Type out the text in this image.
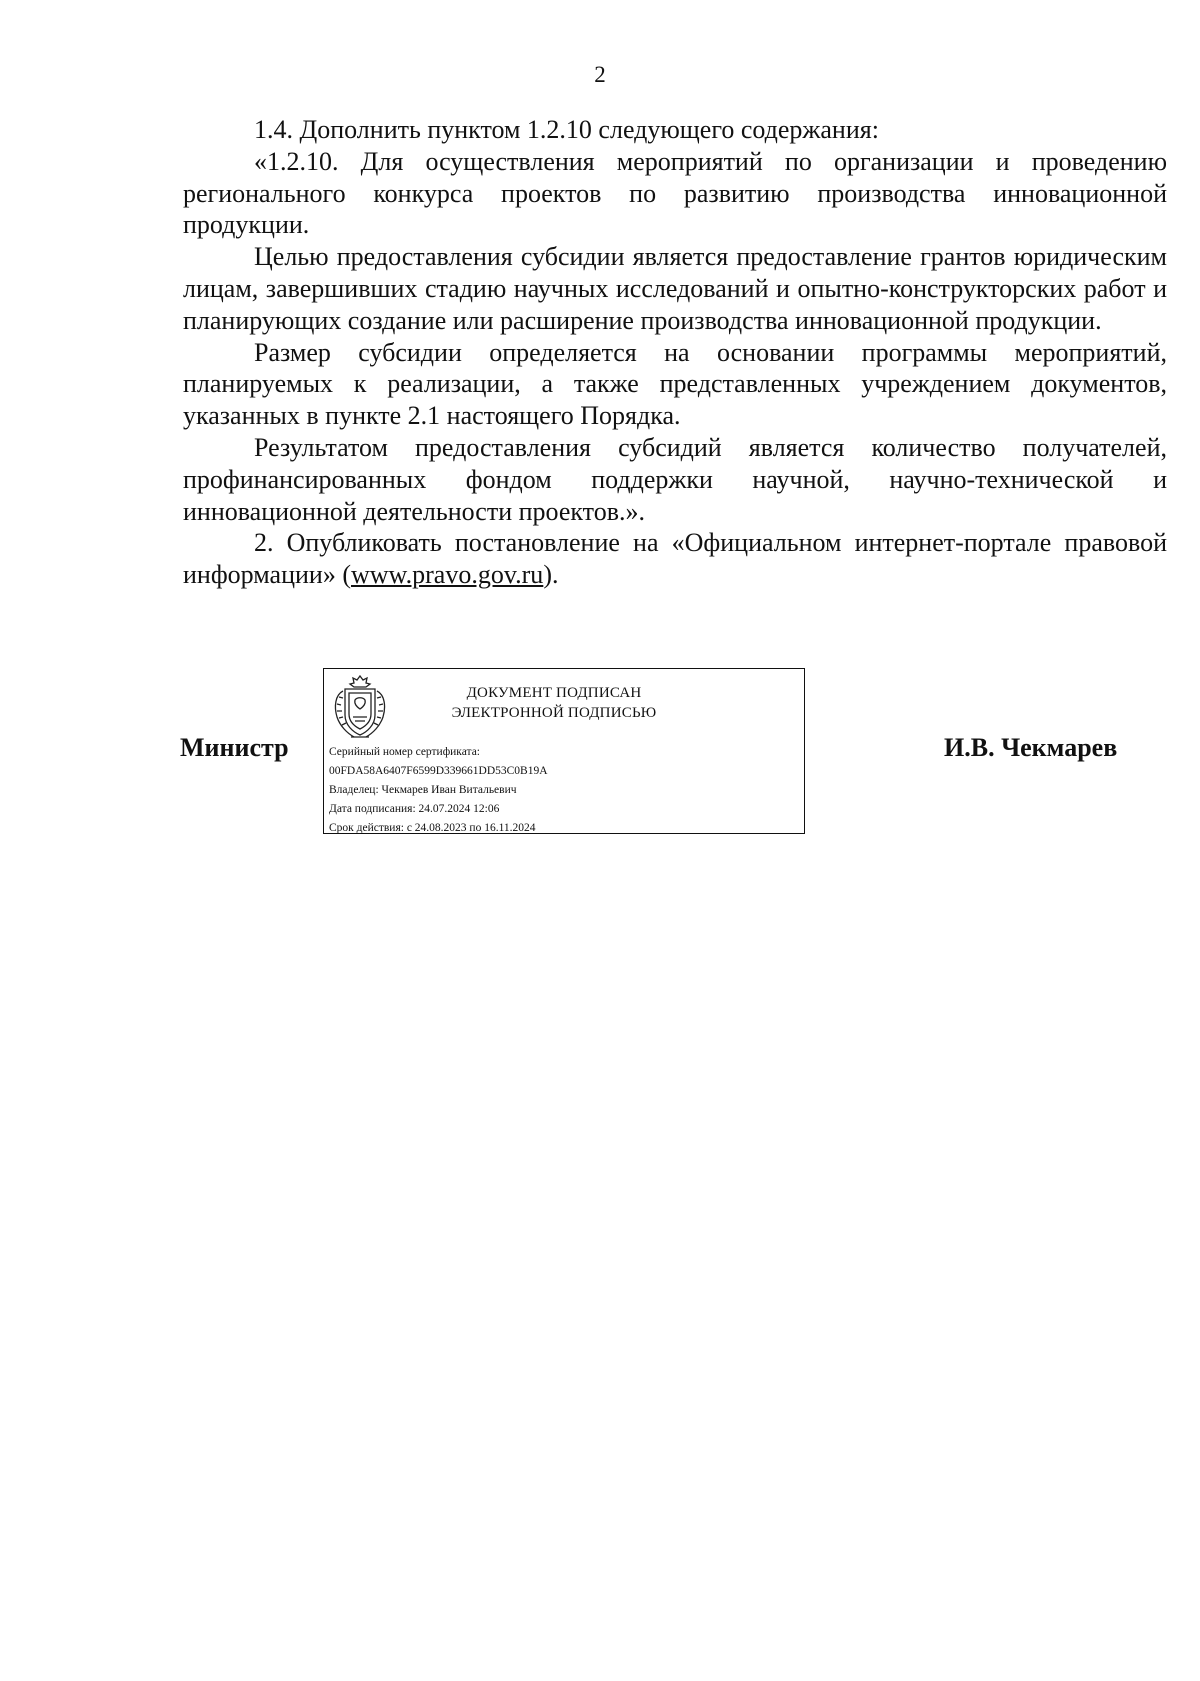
2

1.4. Дополнить пунктом 1.2.10 следующего содержания:

«1.2.10. Для осуществления мероприятий по организации и проведению регионального конкурса проектов по развитию производства инновационной продукции.

Целью предоставления субсидии является предоставление грантов юридическим лицам, завершивших стадию научных исследований и опытно-конструкторских работ и планирующих создание или расширение производства инновационной продукции.

Размер субсидии определяется на основании программы мероприятий, планируемых к реализации, а также представленных учреждением документов, указанных в пункте 2.1 настоящего Порядка.

Результатом предоставления субсидий является количество получателей, профинансированных фондом поддержки научной, научно-технической и инновационной деятельности проектов.».

2. Опубликовать постановление на «Официальном интернет-портале правовой информации» (www.pravo.gov.ru).

Министр
ДОКУМЕНТ ПОДПИСАН
ЭЛЕКТРОННОЙ ПОДПИСЬЮ
Серийный номер сертификата:
00FDA58A6407F6599D339661DD53C0B19A
Владелец: Чекмарев Иван Витальевич
Дата подписания: 24.07.2024 12:06
Срок действия: с 24.08.2023 по 16.11.2024
И.В. Чекмарев
